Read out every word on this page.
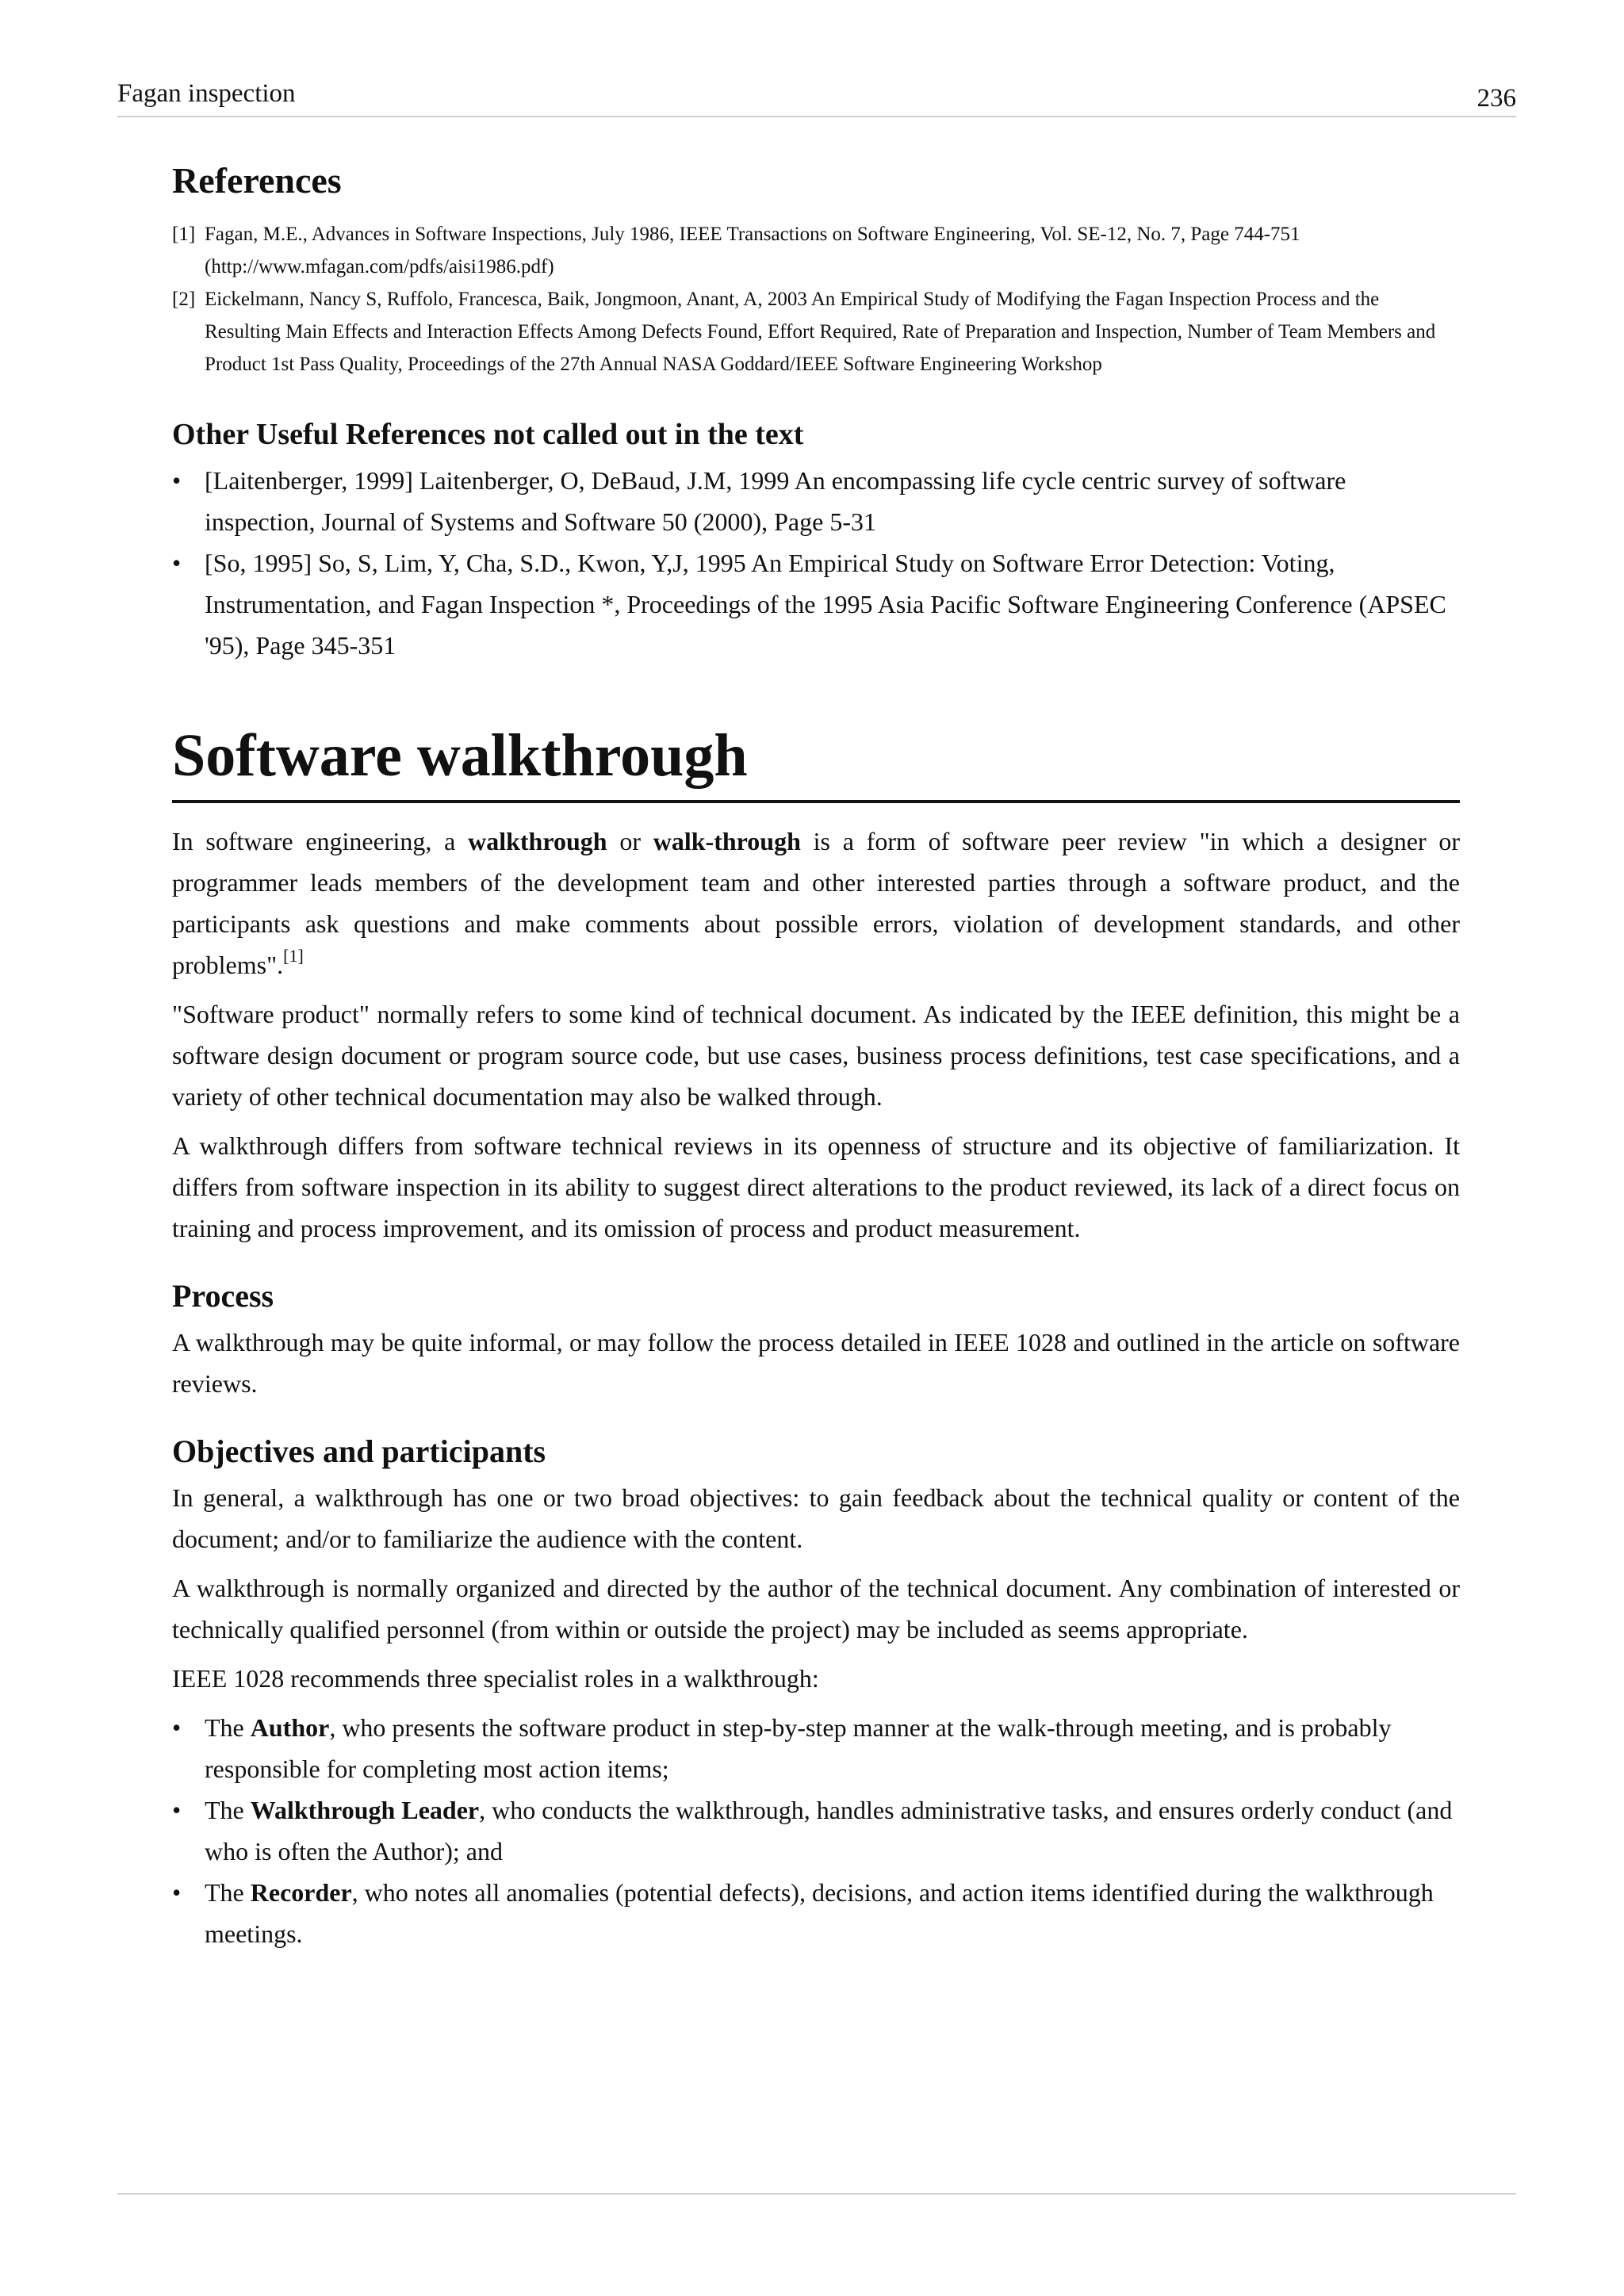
Fagan inspection	236
References
[1] Fagan, M.E., Advances in Software Inspections, July 1986, IEEE Transactions on Software Engineering, Vol. SE-12, No. 7, Page 744-751 (http://www.mfagan.com/pdfs/aisi1986.pdf)
[2] Eickelmann, Nancy S, Ruffolo, Francesca, Baik, Jongmoon, Anant, A, 2003 An Empirical Study of Modifying the Fagan Inspection Process and the Resulting Main Effects and Interaction Effects Among Defects Found, Effort Required, Rate of Preparation and Inspection, Number of Team Members and Product 1st Pass Quality, Proceedings of the 27th Annual NASA Goddard/IEEE Software Engineering Workshop
Other Useful References not called out in the text
• [Laitenberger, 1999] Laitenberger, O, DeBaud, J.M, 1999 An encompassing life cycle centric survey of software inspection, Journal of Systems and Software 50 (2000), Page 5-31
• [So, 1995] So, S, Lim, Y, Cha, S.D., Kwon, Y,J, 1995 An Empirical Study on Software Error Detection: Voting, Instrumentation, and Fagan Inspection *, Proceedings of the 1995 Asia Pacific Software Engineering Conference (APSEC '95), Page 345-351
Software walkthrough

In software engineering, a walkthrough or walk-through is a form of software peer review "in which a designer or programmer leads members of the development team and other interested parties through a software product, and the participants ask questions and make comments about possible errors, violation of development standards, and other problems".[1]

"Software product" normally refers to some kind of technical document. As indicated by the IEEE definition, this might be a software design document or program source code, but use cases, business process definitions, test case specifications, and a variety of other technical documentation may also be walked through.

A walkthrough differs from software technical reviews in its openness of structure and its objective of familiarization. It differs from software inspection in its ability to suggest direct alterations to the product reviewed, its lack of a direct focus on training and process improvement, and its omission of process and product measurement.

Process

A walkthrough may be quite informal, or may follow the process detailed in IEEE 1028 and outlined in the article on software reviews.

Objectives and participants

In general, a walkthrough has one or two broad objectives: to gain feedback about the technical quality or content of the document; and/or to familiarize the audience with the content.

A walkthrough is normally organized and directed by the author of the technical document. Any combination of interested or technically qualified personnel (from within or outside the project) may be included as seems appropriate.

IEEE 1028 recommends three specialist roles in a walkthrough:

• The Author, who presents the software product in step-by-step manner at the walk-through meeting, and is probably responsible for completing most action items;
• The Walkthrough Leader, who conducts the walkthrough, handles administrative tasks, and ensures orderly conduct (and who is often the Author); and
• The Recorder, who notes all anomalies (potential defects), decisions, and action items identified during the walkthrough meetings.
